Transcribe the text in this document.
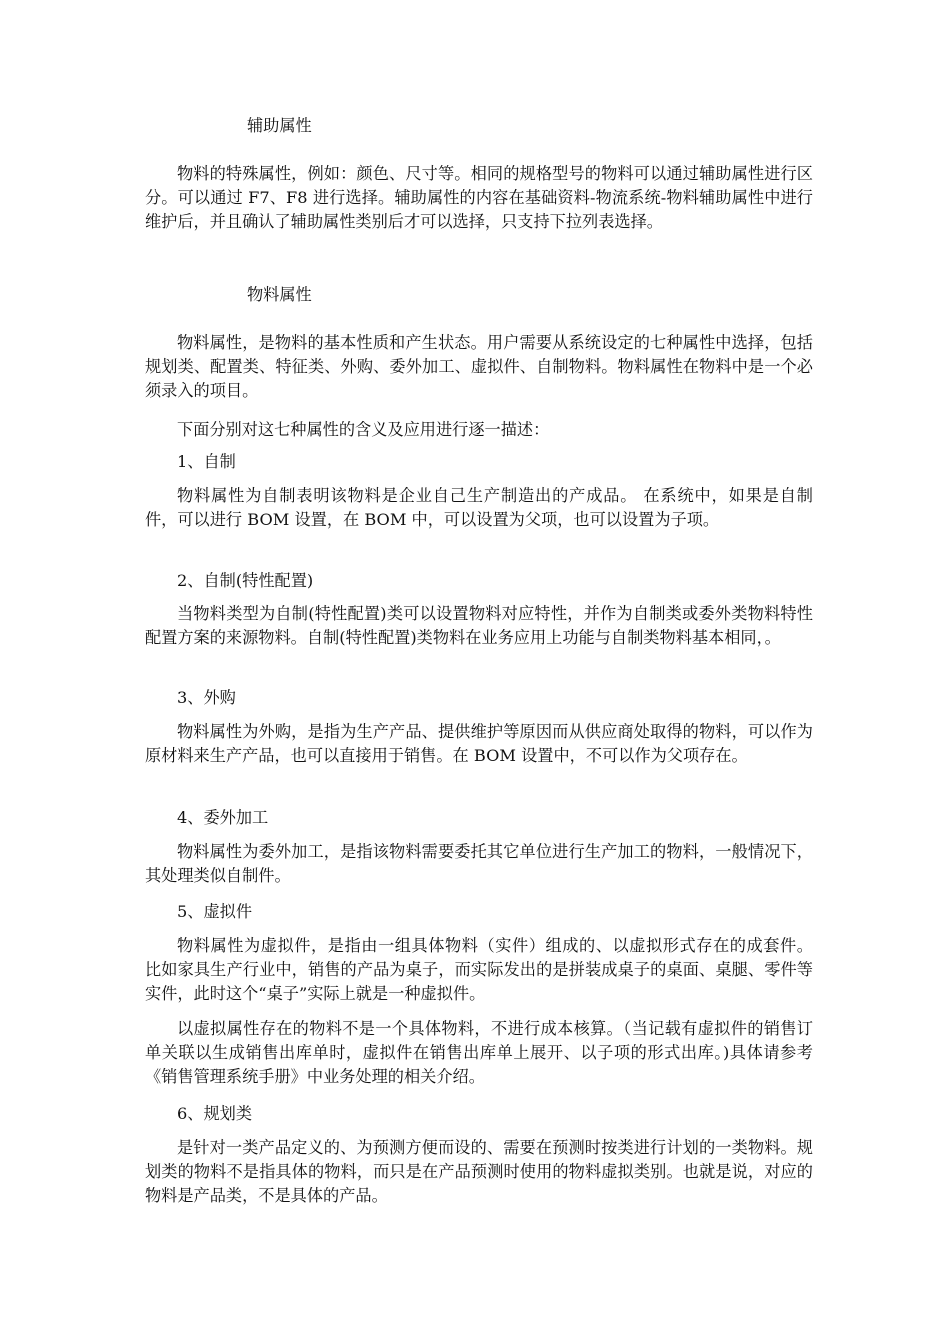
辅助属性
物料的特殊属性，例如：颜色、尺寸等。相同的规格型号的物料可以通过辅助属性进行区分。可以通过 F7、F8 进行选择。辅助属性的内容在基础资料-物流系统-物料辅助属性中进行维护后，并且确认了辅助属性类别后才可以选择，只支持下拉列表选择。
物料属性
物料属性，是物料的基本性质和产生状态。用户需要从系统设定的七种属性中选择，包括规划类、配置类、特征类、外购、委外加工、虚拟件、自制物料。物料属性在物料中是一个必须录入的项目。
下面分别对这七种属性的含义及应用进行逐一描述：
1、自制
物料属性为自制表明该物料是企业自己生产制造出的产成品。 在系统中，如果是自制件，可以进行 BOM 设置，在 BOM 中，可以设置为父项，也可以设置为子项。
2、自制(特性配置)
当物料类型为自制(特性配置)类可以设置物料对应特性，并作为自制类或委外类物料特性配置方案的来源物料。自制(特性配置)类物料在业务应用上功能与自制类物料基本相同，。
3、外购
物料属性为外购，是指为生产产品、提供维护等原因而从供应商处取得的物料，可以作为原材料来生产产品，也可以直接用于销售。在 BOM 设置中，不可以作为父项存在。
4、委外加工
物料属性为委外加工，是指该物料需要委托其它单位进行生产加工的物料，一般情况下，其处理类似自制件。
5、虚拟件
物料属性为虚拟件，是指由一组具体物料（实件）组成的、以虚拟形式存在的成套件。 比如家具生产行业中，销售的产品为桌子，而实际发出的是拼装成桌子的桌面、桌腿、零件等实件，此时这个“桌子”实际上就是一种虚拟件。
以虚拟属性存在的物料不是一个具体物料，不进行成本核算。（当记载有虚拟件的销售订单关联以生成销售出库单时，虚拟件在销售出库单上展开、以子项的形式出库。)具体请参考《销售管理系统手册》中业务处理的相关介绍。
6、规划类
是针对一类产品定义的、为预测方便而设的、需要在预测时按类进行计划的一类物料。规划类的物料不是指具体的物料，而只是在产品预测时使用的物料虚拟类别。也就是说，对应的物料是产品类，不是具体的产品。
